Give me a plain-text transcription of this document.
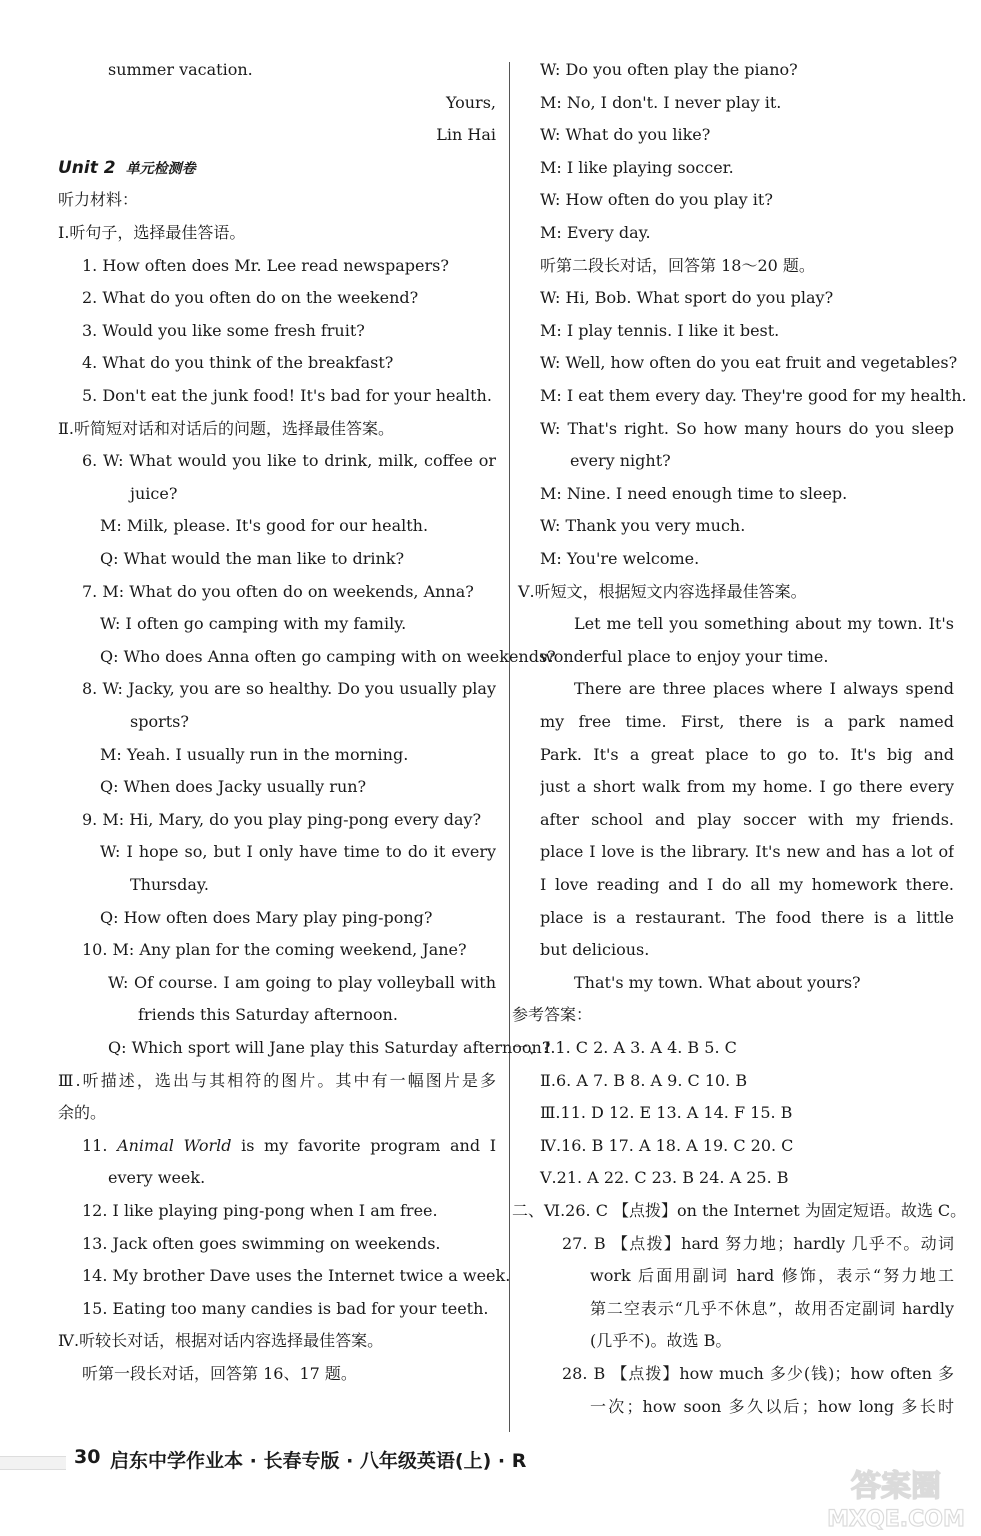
summer vacation.
Yours,
Lin Hai
Unit 2 单元检测卷
听力材料：
Ⅰ.听句子，选择最佳答语。
1. How often does Mr. Lee read newspapers?
2. What do you often do on the weekend?
3. Would you like some fresh fruit?
4. What do you think of the breakfast?
5. Don't eat the junk food! It's bad for your health.
Ⅱ.听简短对话和对话后的问题，选择最佳答案。
6. W: What would you like to drink, milk, coffee or
juice?
M: Milk, please. It's good for our health.
Q: What would the man like to drink?
7. M: What do you often do on weekends, Anna?
W: I often go camping with my family.
Q: Who does Anna often go camping with on weekends?
8. W: Jacky, you are so healthy. Do you usually play
sports?
M: Yeah. I usually run in the morning.
Q: When does Jacky usually run?
9. M: Hi, Mary, do you play ping-pong every day?
W: I hope so, but I only have time to do it every
Thursday.
Q: How often does Mary play ping-pong?
10. M: Any plan for the coming weekend, Jane?
W: Of course. I am going to play volleyball with
friends this Saturday afternoon.
Q: Which sport will Jane play this Saturday afternoon?
Ⅲ.听描述，选出与其相符的图片。其中有一幅图片是多
余的。
11. Animal World is my favorite program and I
every week.
12. I like playing ping-pong when I am free.
13. Jack often goes swimming on weekends.
14. My brother Dave uses the Internet twice a week.
15. Eating too many candies is bad for your teeth.
Ⅳ.听较长对话，根据对话内容选择最佳答案。
听第一段长对话，回答第 16、17 题。
W: Do you often play the piano?
M: No, I don't. I never play it.
W: What do you like?
M: I like playing soccer.
W: How often do you play it?
M: Every day.
听第二段长对话，回答第 18～20 题。
W: Hi, Bob. What sport do you play?
M: I play tennis. I like it best.
W: Well, how often do you eat fruit and vegetables?
M: I eat them every day. They're good for my health.
W: That's right. So how many hours do you sleep
every night?
M: Nine. I need enough time to sleep.
W: Thank you very much.
M: You're welcome.
Ⅴ.听短文，根据短文内容选择最佳答案。
Let me tell you something about my town. It's
wonderful place to enjoy your time.
There are three places where I always spend
my free time. First, there is a park named
Park. It's a great place to go to. It's big and
just a short walk from my home. I go there every
after school and play soccer with my friends.
place I love is the library. It's new and has a lot of
I love reading and I do all my homework there.
place is a restaurant. The food there is a little
but delicious.
That's my town. What about yours?
参考答案：
一、Ⅰ.1. C 2. A 3. A 4. B 5. C
Ⅱ.6. A 7. B 8. A 9. C 10. B
Ⅲ.11. D 12. E 13. A 14. F 15. B
Ⅳ.16. B 17. A 18. A 19. C 20. C
Ⅴ.21. A 22. C 23. B 24. A 25. B
二、Ⅵ.26. C 【点拨】on the Internet 为固定短语。故选 C。
27. B 【点拨】hard 努力地；hardly 几乎不。动词
work 后面用副词 hard 修饰，表示“努力地工
第二空表示“几乎不休息”，故用否定副词 hardly
(几乎不)。故选 B。
28. B 【点拨】how much 多少(钱)；how often 多
一次；how soon 多久以后；how long 多长时
30 启东中学作业本 · 长春专版 · 八年级英语(上) · R
答案圈
MXQE.COM
